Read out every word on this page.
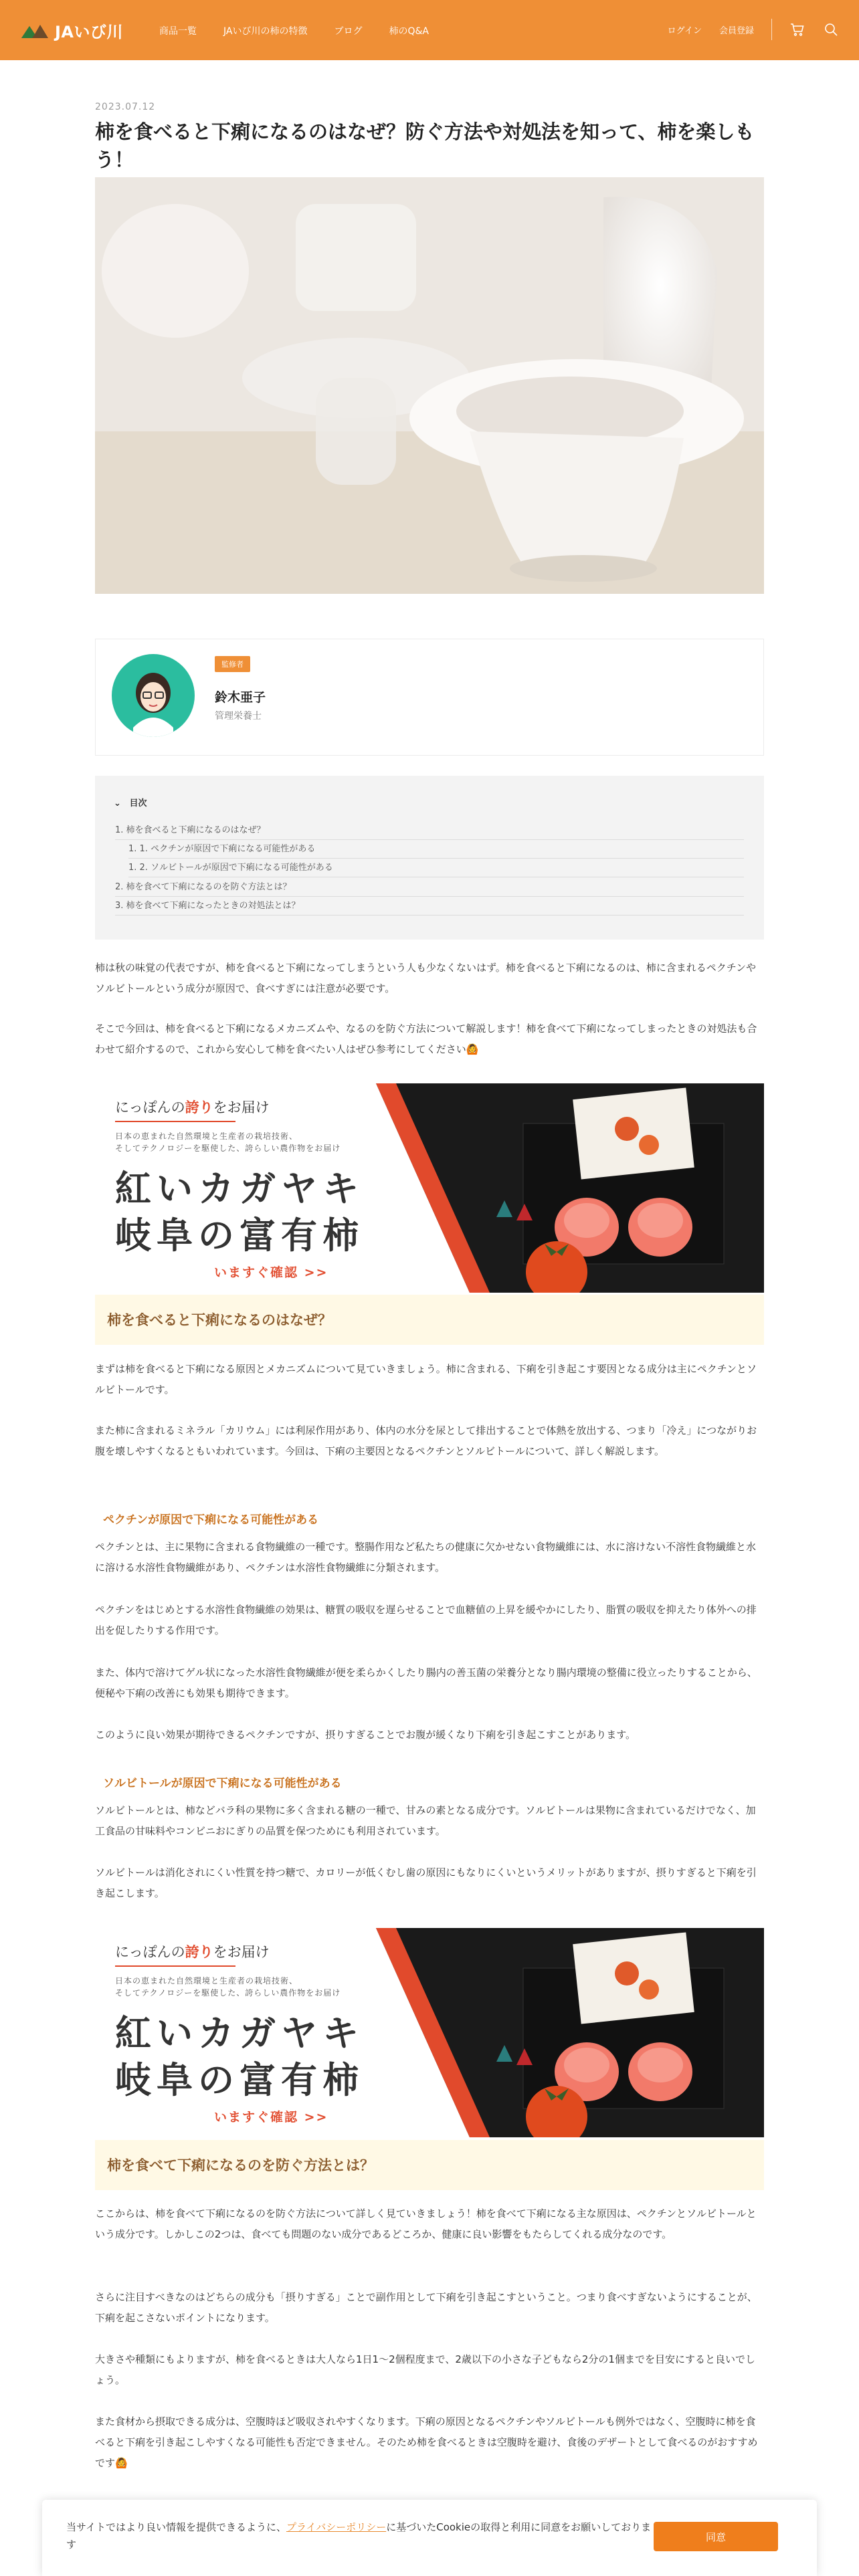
JAいび川	商品一覧	JAいび川の柿の特徴	ブログ	柿のQ&A	ログイン 会員登録
2023.07.12
柿を食べると下痢になるのはなぜ？防ぐ方法や対処法を知って、柿を楽しもう！
監修者
鈴木亜子
管理栄養士
⌄ 目次
1. 柿を食べると下痢になるのはなぜ？
1. 1. ペクチンが原因で下痢になる可能性がある
1. 2. ソルビトールが原因で下痢になる可能性がある
2. 柿を食べて下痢になるのを防ぐ方法とは？
3. 柿を食べて下痢になったときの対処法とは？

柿は秋の味覚の代表ですが、柿を食べると下痢になってしまうという人も少なくないはず。柿を食べると下痢になるのは、柿に含まれるペクチンやソルビトールという成分が原因で、食べすぎには注意が必要です。

そこで今回は、柿を食べると下痢になるメカニズムや、なるのを防ぐ方法について解説します！柿を食べて下痢になってしまったときの対処法も合わせて紹介するので、これから安心して柿を食べたい人はぜひ参考にしてください🙆

にっぽんの誇りをお届け
日本の恵まれた自然環境と生産者の栽培技術、
そしてテクノロジーを駆使した、誇らしい農作物をお届け
紅いカガヤキ
岐阜の富有柿
いますぐ確認 >>
柿を食べると下痢になるのはなぜ？

まずは柿を食べると下痢になる原因とメカニズムについて見ていきましょう。柿に含まれる、下痢を引き起こす要因となる成分は主にペクチンとソルビトールです。

また柿に含まれるミネラル「カリウム」には利尿作用があり、体内の水分を尿として排出することで体熱を放出する、つまり「冷え」につながりお腹を壊しやすくなるともいわれています。今回は、下痢の主要因となるペクチンとソルビトールについて、詳しく解説します。

ペクチンが原因で下痢になる可能性がある

ペクチンとは、主に果物に含まれる食物繊維の一種です。整腸作用など私たちの健康に欠かせない食物繊維には、水に溶けない不溶性食物繊維と水に溶ける水溶性食物繊維があり、ペクチンは水溶性食物繊維に分類されます。

ペクチンをはじめとする水溶性食物繊維の効果は、糖質の吸収を遅らせることで血糖値の上昇を緩やかにしたり、脂質の吸収を抑えたり体外への排出を促したりする作用です。

また、体内で溶けてゲル状になった水溶性食物繊維が便を柔らかくしたり腸内の善玉菌の栄養分となり腸内環境の整備に役立ったりすることから、便秘や下痢の改善にも効果も期待できます。

このように良い効果が期待できるペクチンですが、摂りすぎることでお腹が緩くなり下痢を引き起こすことがあります。

ソルビトールが原因で下痢になる可能性がある

ソルビトールとは、柿などバラ科の果物に多く含まれる糖の一種で、甘みの素となる成分です。ソルビトールは果物に含まれているだけでなく、加工食品の甘味料やコンビニおにぎりの品質を保つためにも利用されています。

ソルビトールは消化されにくい性質を持つ糖で、カロリーが低くむし歯の原因にもなりにくいというメリットがありますが、摂りすぎると下痢を引き起こします。

にっぽんの誇りをお届け
日本の恵まれた自然環境と生産者の栽培技術、
そしてテクノロジーを駆使した、誇らしい農作物をお届け
紅いカガヤキ
岐阜の富有柿
いますぐ確認 >>
柿を食べて下痢になるのを防ぐ方法とは？

ここからは、柿を食べて下痢になるのを防ぐ方法について詳しく見ていきましょう！柿を食べて下痢になる主な原因は、ペクチンとソルビトールという成分です。しかしこの2つは、食べても問題のない成分であるどころか、健康に良い影響をもたらしてくれる成分なのです。

さらに注目すべきなのはどちらの成分も「摂りすぎる」ことで副作用として下痢を引き起こすということ。つまり食べすぎないようにすることが、下痢を起こさないポイントになります。

大きさや種類にもよりますが、柿を食べるときは大人なら1日1〜2個程度まで、2歳以下の小さな子どもなら2分の1個までを目安にすると良いでしょう。

また食材から摂取できる成分は、空腹時ほど吸収されやすくなります。下痢の原因となるペクチンやソルビトールも例外ではなく、空腹時に柿を食べると下痢を引き起こしやすくなる可能性も否定できません。そのため柿を食べるときは空腹時を避け、食後のデザートとして食べるのがおすすめです🙆

当サイトではより良い情報を提供できるように、プライバシーポリシーに基づいたCookieの取得と利用に同意をお願いしております
同意
